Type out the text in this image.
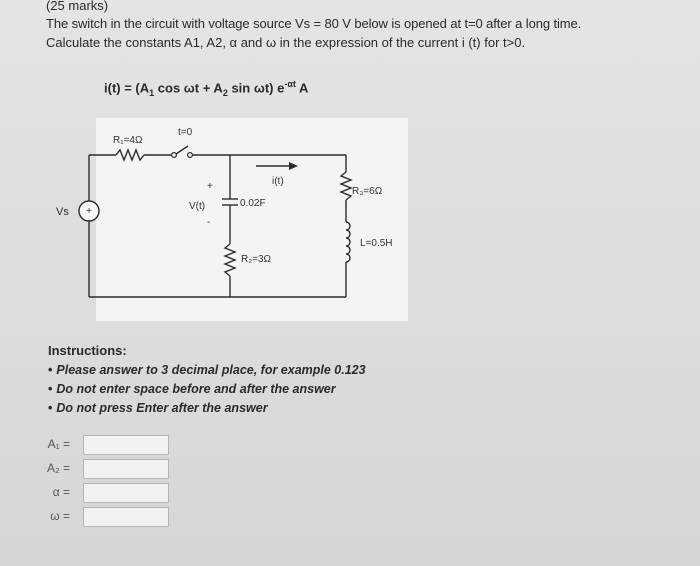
(25 marks)
The switch in the circuit with voltage source Vs = 80 V below is opened at t=0 after a long time.
Calculate the constants A1, A2, α and ω in the expression of the current i (t) for t>0.
$i(t) = (A_1$ $\cos \omega t + A_2$ sin ωt) $e^{-\alpha t}$ A
Vs +
R₁=4Ω
t=0
+
V(t)
-
0.02F
i(t)
R₂=3Ω
R₃=6Ω
L=0.5H
Instructions:
• Please answer to 3 decimal place, for example 0.123
• Do not enter space before and after the answer
• Do not press Enter after the answer
A₁ =
A₂ =
α =
ω =
